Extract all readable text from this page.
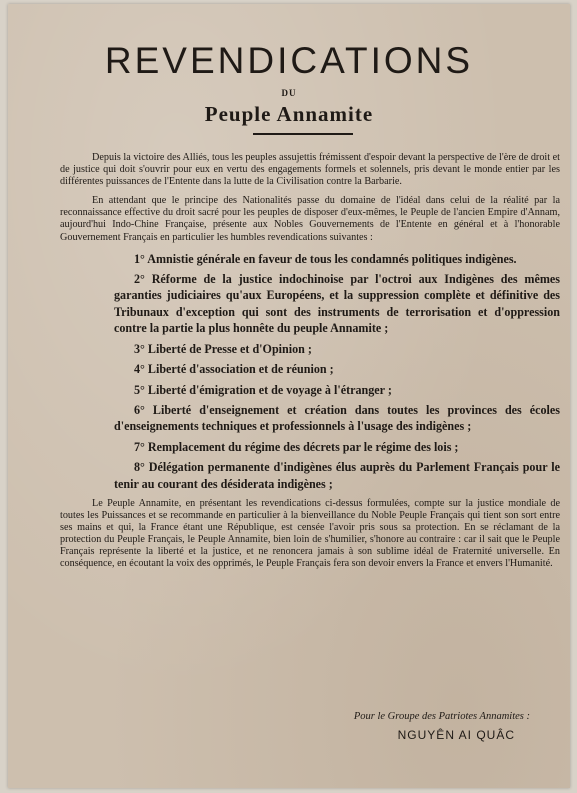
REVENDICATIONS
DU
Peuple Annamite

Depuis la victoire des Alliés, tous les peuples assujettis frémissent d'espoir devant la perspective de l'ère de droit et de justice qui doit s'ouvrir pour eux en vertu des engagements formels et solennels, pris devant le monde entier par les différentes puissances de l'Entente dans la lutte de la Civilisation contre la Barbarie.

En attendant que le principe des Nationalités passe du domaine de l'idéal dans celui de la réalité par la reconnaissance effective du droit sacré pour les peuples de disposer d'eux-mêmes, le Peuple de l'ancien Empire d'Annam, aujourd'hui Indo-Chine Française, présente aux Nobles Gouvernements de l'Entente en général et à l'honorable Gouvernement Français en particulier les humbles revendications suivantes :

1° Amnistie générale en faveur de tous les condamnés politiques indigènes.
2° Réforme de la justice indochinoise par l'octroi aux Indigènes des mêmes garanties judiciaires qu'aux Européens, et la suppression complète et définitive des Tribunaux d'exception qui sont des instruments de terrorisation et d'oppression contre la partie la plus honnête du peuple Annamite ;
3° Liberté de Presse et d'Opinion ;
4° Liberté d'association et de réunion ;
5° Liberté d'émigration et de voyage à l'étranger ;
6° Liberté d'enseignement et création dans toutes les provinces des écoles d'enseignements techniques et professionnels à l'usage des indigènes ;
7° Remplacement du régime des décrets par le régime des lois ;
8° Délégation permanente d'indigènes élus auprès du Parlement Français pour le tenir au courant des désiderata indigènes ;

Le Peuple Annamite, en présentant les revendications ci-dessus formulées, compte sur la justice mondiale de toutes les Puissances et se recommande en particulier à la bienveillance du Noble Peuple Français qui tient son sort entre ses mains et qui, la France étant une République, est censée l'avoir pris sous sa protection. En se réclamant de la protection du Peuple Français, le Peuple Annamite, bien loin de s'humilier, s'honore au contraire : car il sait que le Peuple Français représente la liberté et la justice, et ne renoncera jamais à son sublime idéal de Fraternité universelle. En conséquence, en écoutant la voix des opprimés, le Peuple Français fera son devoir envers la France et envers l'Humanité.

Pour le Groupe des Patriotes Annamites :
NGUYÊN AI QUÂC
